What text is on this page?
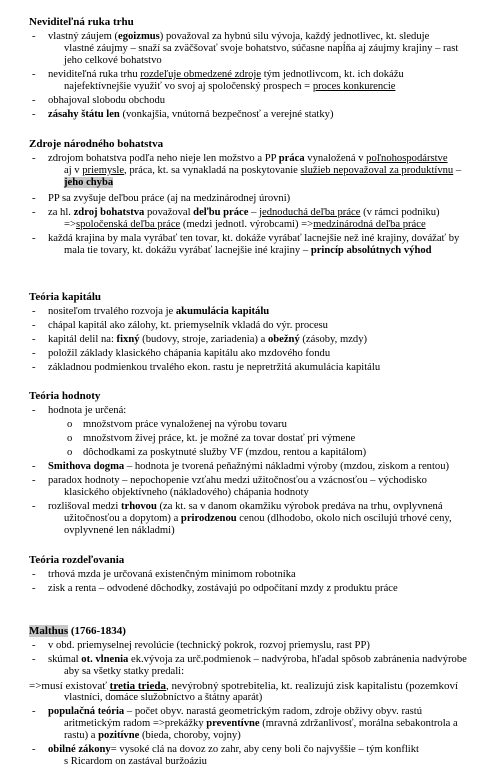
Neviditeľná ruka trhu
- vlastný záujem (egoizmus) považoval za hybnú silu vývoja, každý jednotlivec, kt. sleduje
vlastné záujmy – snaží sa zväčšovať svoje bohatstvo, súčasne napĺňa aj záujmy krajiny – rast
jeho celkové bohatstvo
- neviditeľná ruka trhu rozdeľuje obmedzené zdroje tým jednotlivcom, kt. ich dokážu
najefektívnejšie využiť vo svoj aj spoločenský prospech = proces konkurencie
- obhajoval slobodu obchodu
- zásahy štátu len (vonkajšia, vnútorná bezpečnosť a verejné statky)
Zdroje národného bohatstva
- zdrojom bohatstva podľa neho nieje len možstvo a PP práca vynaložená v poľnohospodárstve
aj v priemysle, práca, kt. sa vynakladá na poskytovanie služieb nepovažoval za produktívnu –
jeho chyba
- PP sa zvyšuje deľbou práce (aj na medzinárodnej úrovni)
- za hl. zdroj bohatstva považoval deľbu práce – jednoduchá deľba práce (v rámci podniku)
=>spoločenská deľba práce (medzi jednotl. výrobcami) =>medzinárodná deľba práce
- každá krajina by mala vyrábať ten tovar, kt. dokáže vyrábať lacnejšie než iné krajiny, dovážať by
mala tie tovary, kt. dokážu vyrábať lacnejšie iné krajiny – princíp absolútnych výhod
Teória kapitálu
- nositeľom trvalého rozvoja je akumulácia kapitálu
- chápal kapitál ako zálohy, kt. priemyselník vkladá do výr. procesu
- kapitál delil na: fixný (budovy, stroje, zariadenia) a obežný (zásoby, mzdy)
- položil základy klasického chápania kapitálu ako mzdového fondu
- základnou podmienkou trvalého ekon. rastu je nepretržitá akumulácia kapitálu
Teória hodnoty
- hodnota je určená:
o množstvom práce vynaloženej na výrobu tovaru
o množstvom živej práce, kt. je možné za tovar dostať pri výmene
o dôchodkami za poskytnuté služby VF (mzdou, rentou a kapitálom)
- Smithova dogma – hodnota je tvorená peňažnými nákladmi výroby (mzdou, ziskom a rentou)
- paradox hodnoty – nepochopenie vzťahu medzi užitočnosťou a vzácnosťou – východisko
klasického objektívneho (nákladového) chápania hodnoty
- rozlišoval medzi trhovou (za kt. sa v danom okamžiku výrobok predáva na trhu, ovplyvnená
užitočnosťou a dopytom) a prirodzenou cenou (dlhodobo, okolo nich oscilujú trhové ceny,
ovplyvnené len nákladmi)
Teória rozdeľovania
- trhová mzda je určovaná existenčným minimom robotníka
- zisk a renta – odvodené dôchodky, zostávajú po odpočítaní mzdy z produktu práce
Malthus (1766-1834)
- v obd. priemyselnej revolúcie (technický pokrok, rozvoj priemyslu, rast PP)
- skúmal ot. vlnenia ek.vývoja za urč.podmienok – nadvýroba, hľadal spôsob zabránenia nadvýrobe
aby sa všetky statky predali:
=>musí existovať tretia trieda, nevýrobný spotrebitelia, kt. realizujú zisk kapitalistu (pozemkoví
vlastníci, domáce služobníctvo a štátny aparát)
- populačná teória – počet obyv. narastá geometrickým radom, zdroje obživy obyv. rastú
aritmetickým radom =>prekážky preventívne (mravná zdržanlivosť, morálna sebakontrola a
rastu) a pozitívne (bieda, choroby, vojny)
- obilné zákony= vysoké clá na dovoz zo zahr, aby ceny boli čo najvyššie – tým konflikt
s Ricardom on zastával buržoáziu
